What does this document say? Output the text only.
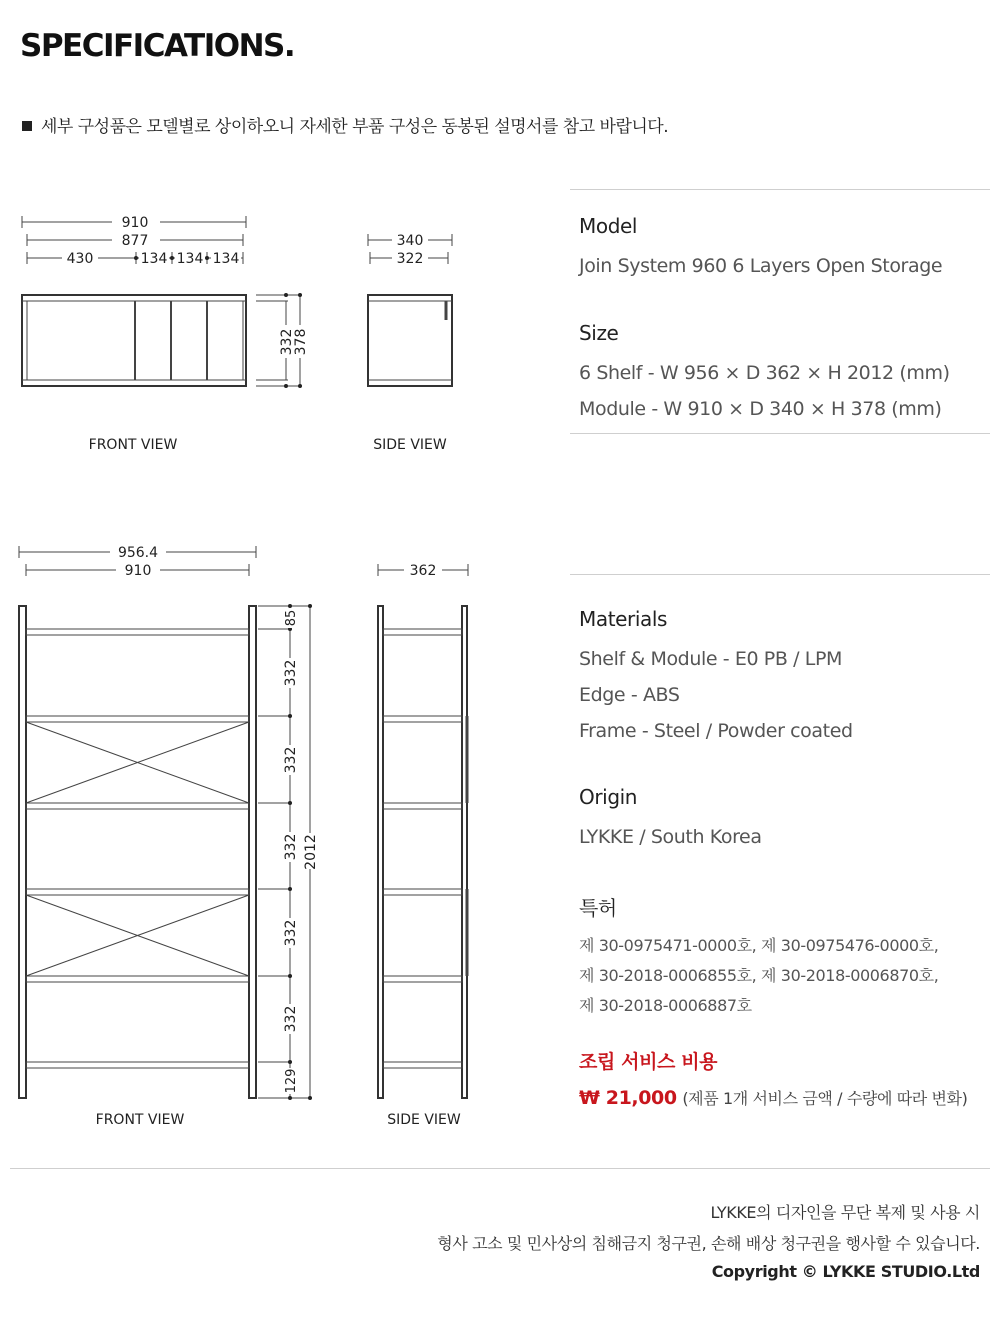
SPECIFICATIONS.
세부 구성품은 모델별로 상이하오니 자세한 부품 구성은 동봉된 설명서를 참고 바랍니다.
910
877
430	134 134 134
332
378
FRONT VIEW
340
322
SIDE VIEW
956.4
910
85
332
332
332
332
332
129
2012
FRONT VIEW
362
SIDE VIEW
Model
Join System 960 6 Layers Open Storage
Size
6 Shelf - W 956 × D 362 × H 2012 (mm)
Module - W 910 × D 340 × H 378 (mm)
Materials
Shelf & Module - E0 PB / LPM
Edge - ABS
Frame - Steel / Powder coated
Origin
LYKKE / South Korea
특허
제 30-0975471-0000호, 제 30-0975476-0000호,
제 30-2018-0006855호, 제 30-2018-0006870호,
제 30-2018-0006887호
조립 서비스 비용
₩ 21,000 (제품 1개 서비스 금액 / 수량에 따라 변화)
LYKKE의 디자인을 무단 복제 및 사용 시
형사 고소 및 민사상의 침해금지 청구권, 손해 배상 청구권을 행사할 수 있습니다.
Copyright © LYKKE STUDIO.Ltd
